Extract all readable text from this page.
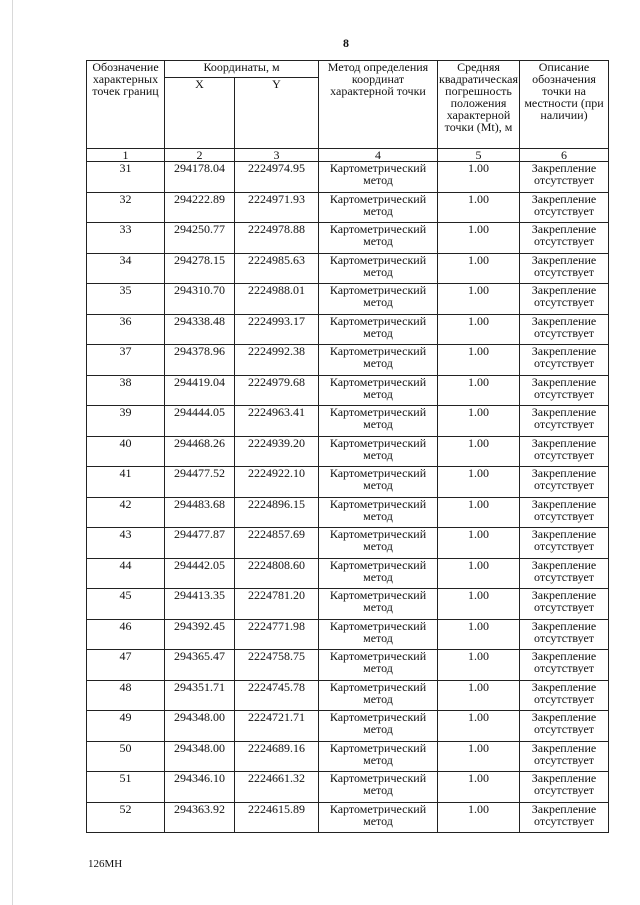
8
Обозначение характерных точек границ	Координаты, м		Метод определения координат характерной точки	Средняя квадратическая погрешность положения характерной точки (Mt), м	Описание обозначения точки на местности (при наличии)
	X	Y			
1	2	3	4	5	6
31	294178.04	2224974.95	Картометрический метод	1.00	Закрепление отсутствует
32	294222.89	2224971.93	Картометрический метод	1.00	Закрепление отсутствует
33	294250.77	2224978.88	Картометрический метод	1.00	Закрепление отсутствует
34	294278.15	2224985.63	Картометрический метод	1.00	Закрепление отсутствует
35	294310.70	2224988.01	Картометрический метод	1.00	Закрепление отсутствует
36	294338.48	2224993.17	Картометрический метод	1.00	Закрепление отсутствует
37	294378.96	2224992.38	Картометрический метод	1.00	Закрепление отсутствует
38	294419.04	2224979.68	Картометрический метод	1.00	Закрепление отсутствует
39	294444.05	2224963.41	Картометрический метод	1.00	Закрепление отсутствует
40	294468.26	2224939.20	Картометрический метод	1.00	Закрепление отсутствует
41	294477.52	2224922.10	Картометрический метод	1.00	Закрепление отсутствует
42	294483.68	2224896.15	Картометрический метод	1.00	Закрепление отсутствует
43	294477.87	2224857.69	Картометрический метод	1.00	Закрепление отсутствует
44	294442.05	2224808.60	Картометрический метод	1.00	Закрепление отсутствует
45	294413.35	2224781.20	Картометрический метод	1.00	Закрепление отсутствует
46	294392.45	2224771.98	Картометрический метод	1.00	Закрепление отсутствует
47	294365.47	2224758.75	Картометрический метод	1.00	Закрепление отсутствует
48	294351.71	2224745.78	Картометрический метод	1.00	Закрепление отсутствует
49	294348.00	2224721.71	Картометрический метод	1.00	Закрепление отсутствует
50	294348.00	2224689.16	Картометрический метод	1.00	Закрепление отсутствует
51	294346.10	2224661.32	Картометрический метод	1.00	Закрепление отсутствует
52	294363.92	2224615.89	Картометрический метод	1.00	Закрепление отсутствует
126МН
